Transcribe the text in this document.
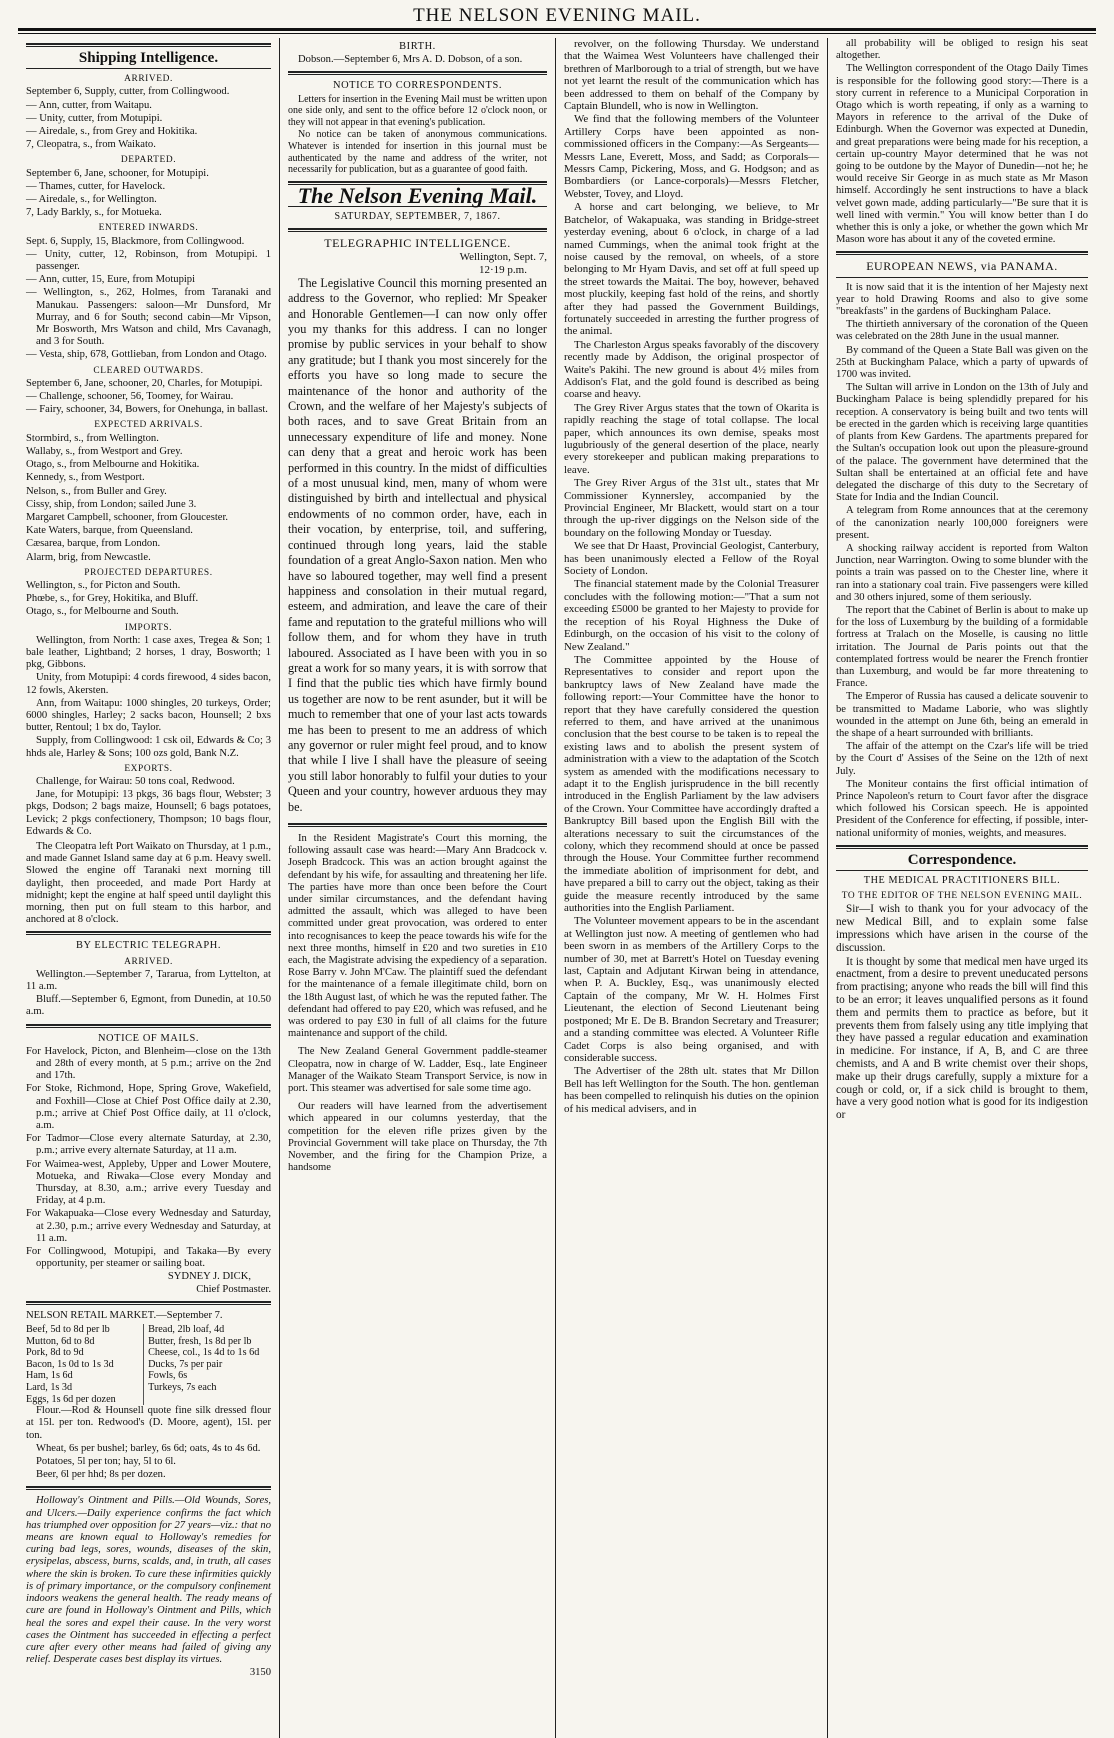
THE NELSON EVENING MAIL.
Shipping Intelligence.
ARRIVED.

September 6, Supply, cutter, from Collingwood.

— Ann, cutter, from Waitapu.

— Unity, cutter, from Motupipi.

— Airedale, s., from Grey and Hokitika.

7, Cleopatra, s., from Waikato.

DEPARTED.

September 6, Jane, schooner, for Motupipi.

— Thames, cutter, for Havelock.

— Airedale, s., for Wellington.

7, Lady Barkly, s., for Motueka.

ENTERED INWARDS.

Sept. 6, Supply, 15, Blackmore, from Collingwood.

— Unity, cutter, 12, Robinson, from Motupipi. 1 passenger.

— Ann, cutter, 15, Eure, from Motupipi

— Wellington, s., 262, Holmes, from Taranaki and Manukau. Passengers: saloon—Mr Dunsford, Mr Murray, and 6 for South; second cabin—Mr Vipson, Mr Bosworth, Mrs Watson and child, Mrs Cavanagh, and 3 for South.

— Vesta, ship, 678, Gottlieban, from London and Otago.

CLEARED OUTWARDS.

September 6, Jane, schooner, 20, Charles, for Motupipi.

— Challenge, schooner, 56, Toomey, for Wairau.

— Fairy, schooner, 34, Bowers, for Onehunga, in ballast.

EXPECTED ARRIVALS.

Stormbird, s., from Wellington.

Wallaby, s., from Westport and Grey.

Otago, s., from Melbourne and Hokitika.

Kennedy, s., from Westport.

Nelson, s., from Buller and Grey.

Cissy, ship, from London; sailed June 3.

Margaret Campbell, schooner, from Gloucester.

Kate Waters, barque, from Queensland.

Cæsarea, barque, from London.

Alarm, brig, from Newcastle.

PROJECTED DEPARTURES.

Wellington, s., for Picton and South.

Phœbe, s., for Grey, Hokitika, and Bluff.

Otago, s., for Melbourne and South.

IMPORTS.

Wellington, from North: 1 case axes, Tregea & Son; 1 bale leather, Lightband; 2 horses, 1 dray, Bosworth; 1 pkg, Gibbons.

Unity, from Motupipi: 4 cords firewood, 4 sides bacon, 12 fowls, Akersten.

Ann, from Waitapu: 1000 shingles, 20 turkeys, Order; 6000 shingles, Harley; 2 sacks bacon, Hounsell; 2 bxs butter, Rentoul; 1 bx do, Taylor.

Supply, from Collingwood: 1 csk oil, Edwards & Co; 3 hhds ale, Harley & Sons; 100 ozs gold, Bank N.Z.

EXPORTS.

Challenge, for Wairau: 50 tons coal, Redwood.

Jane, for Motupipi: 13 pkgs, 36 bags flour, Webster; 3 pkgs, Dodson; 2 bags maize, Hounsell; 6 bags potatoes, Levick; 2 pkgs confectionery, Thompson; 10 bags flour, Edwards & Co.

The Cleopatra left Port Waikato on Thursday, at 1 p.m., and made Gannet Island same day at 6 p.m. Heavy swell. Slowed the engine off Taranaki next morning till daylight, then proceeded, and made Port Hardy at midnight; kept the engine at half speed until daylight this morning, then put on full steam to this harbor, and anchored at 8 o'clock.

BY ELECTRIC TELEGRAPH.
ARRIVED.

Wellington.—September 7, Tararua, from Lyttelton, at 11 a.m.

Bluff.—September 6, Egmont, from Dunedin, at 10.50 a.m.

NOTICE OF MAILS.

For Havelock, Picton, and Blenheim—close on the 13th and 28th of every month, at 5 p.m.; arrive on the 2nd and 17th.

For Stoke, Richmond, Hope, Spring Grove, Wakefield, and Foxhill—Close at Chief Post Office daily at 2.30, p.m.; arrive at Chief Post Office daily, at 11 o'clock, a.m.

For Tadmor—Close every alternate Saturday, at 2.30, p.m.; arrive every alternate Saturday, at 11 a.m.

For Waimea-west, Appleby, Upper and Lower Moutere, Motueka, and Riwaka—Close every Monday and Thursday, at 8.30, a.m.; arrive every Tuesday and Friday, at 4 p.m.

For Wakapuaka—Close every Wednesday and Saturday, at 2.30, p.m.; arrive every Wednesday and Saturday, at 11 a.m.

For Collingwood, Motupipi, and Takaka—By every opportunity, per steamer or sailing boat.

SYDNEY J. DICK,

Chief Postmaster.

NELSON RETAIL MARKET.—September 7.
Beef, 5d to 8d per lb	Bread, 2lb loaf, 4d
Mutton, 6d to 8d	Butter, fresh, 1s 8d per lb
Pork, 8d to 9d	Cheese, col., 1s 4d to 1s 6d
Bacon, 1s 0d to 1s 3d	Ducks, 7s per pair
Ham, 1s 6d	Fowls, 6s
Lard, 1s 3d	Turkeys, 7s each
Eggs, 1s 6d per dozen	

Flour.—Rod & Hounsell quote fine silk dressed flour at 15l. per ton. Redwood's (D. Moore, agent), 15l. per ton.

Wheat, 6s per bushel; barley, 6s 6d; oats, 4s to 4s 6d.

Potatoes, 5l per ton; hay, 5l to 6l.

Beer, 6l per hhd; 8s per dozen.

Holloway's Ointment and Pills.—Old Wounds, Sores, and Ulcers.—Daily experience confirms the fact which has triumphed over opposition for 27 years—viz.: that no means are known equal to Holloway's remedies for curing bad legs, sores, wounds, diseases of the skin, erysipelas, abscess, burns, scalds, and, in truth, all cases where the skin is broken. To cure these infirmities quickly is of primary importance, or the compulsory confinement indoors weakens the general health. The ready means of cure are found in Holloway's Ointment and Pills, which heal the sores and expel their cause. In the very worst cases the Ointment has succeeded in effecting a perfect cure after every other means had failed of giving any relief. Desperate cases best display its virtues.

3150

BIRTH.

Dobson.—September 6, Mrs A. D. Dobson, of a son.

NOTICE TO CORRESPONDENTS.

Letters for insertion in the Evening Mail must be written upon one side only, and sent to the office before 12 o'clock noon, or they will not appear in that evening's publication.

No notice can be taken of anonymous communications. Whatever is intended for insertion in this journal must be authenticated by the name and address of the writer, not necessarily for publication, but as a guarantee of good faith.

The Nelson Evening Mail.
SATURDAY, SEPTEMBER, 7, 1867.
TELEGRAPHIC INTELLIGENCE.

Wellington, Sept. 7,

12·19 p.m.

The Legislative Council this morning presented an address to the Governor, who replied: Mr Speaker and Honorable Gentlemen—I can now only offer you my thanks for this address. I can no longer promise by public services in your behalf to show any gratitude; but I thank you most sincerely for the efforts you have so long made to secure the maintenance of the honor and authority of the Crown, and the welfare of her Majesty's subjects of both races, and to save Great Britain from an unnecessary expenditure of life and money. None can deny that a great and heroic work has been performed in this country. In the midst of difficulties of a most unusual kind, men, many of whom were distinguished by birth and intellectual and physical endowments of no common order, have, each in their vocation, by enterprise, toil, and suffering, continued through long years, laid the stable foundation of a great Anglo-Saxon nation. Men who have so laboured together, may well find a present happiness and consolation in their mutual regard, esteem, and admiration, and leave the care of their fame and reputation to the grateful millions who will follow them, and for whom they have in truth laboured. Associated as I have been with you in so great a work for so many years, it is with sorrow that I find that the public ties which have firmly bound us together are now to be rent asunder, but it will be much to remember that one of your last acts towards me has been to present to me an address of which any governor or ruler might feel proud, and to know that while I live I shall have the pleasure of seeing you still labor honorably to fulfil your duties to your Queen and your country, however arduous they may be.

In the Resident Magistrate's Court this morning, the following assault case was heard:—Mary Ann Bradcock v. Joseph Bradcock. This was an action brought against the defendant by his wife, for assaulting and threatening her life. The parties have more than once been before the Court under similar circumstances, and the defendant having admitted the assault, which was alleged to have been committed under great provocation, was ordered to enter into recognisances to keep the peace towards his wife for the next three months, himself in £20 and two sureties in £10 each, the Magistrate advising the expediency of a separation. Rose Barry v. John M'Caw. The plaintiff sued the defendant for the maintenance of a female illegitimate child, born on the 18th August last, of which he was the reputed father. The defendant had offered to pay £20, which was refused, and he was ordered to pay £30 in full of all claims for the future maintenance and support of the child.

The New Zealand General Government paddle-steamer Cleopatra, now in charge of W. Ladder, Esq., late Engineer Manager of the Waikato Steam Transport Service, is now in port. This steamer was advertised for sale some time ago.

Our readers will have learned from the advertisement which appeared in our columns yesterday, that the competition for the eleven rifle prizes given by the Provincial Government will take place on Thursday, the 7th November, and the firing for the Champion Prize, a handsome

revolver, on the following Thursday. We understand that the Waimea West Volunteers have challenged their brethren of Marlborough to a trial of strength, but we have not yet learnt the result of the communication which has been addressed to them on behalf of the Company by Captain Blundell, who is now in Wellington.

We find that the following members of the Volunteer Artillery Corps have been appointed as non-commissioned officers in the Company:—As Sergeants—Messrs Lane, Everett, Moss, and Sadd; as Corporals—Messrs Camp, Pickering, Moss, and G. Hodgson; and as Bombardiers (or Lance-corporals)—Messrs Fletcher, Webster, Tovey, and Lloyd.

A horse and cart belonging, we believe, to Mr Batchelor, of Wakapuaka, was standing in Bridge-street yesterday evening, about 6 o'clock, in charge of a lad named Cummings, when the animal took fright at the noise caused by the removal, on wheels, of a store belonging to Mr Hyam Davis, and set off at full speed up the street towards the Maitai. The boy, however, behaved most pluckily, keeping fast hold of the reins, and shortly after they had passed the Government Buildings, fortunately succeeded in arresting the further progress of the animal.

The Charleston Argus speaks favorably of the discovery recently made by Addison, the original prospector of Waite's Pakihi. The new ground is about 4½ miles from Addison's Flat, and the gold found is described as being coarse and heavy.

The Grey River Argus states that the town of Okarita is rapidly reaching the stage of total collapse. The local paper, which announces its own demise, speaks most lugubriously of the general desertion of the place, nearly every storekeeper and publican making preparations to leave.

The Grey River Argus of the 31st ult., states that Mr Commissioner Kynnersley, accompanied by the Provincial Engineer, Mr Blackett, would start on a tour through the up-river diggings on the Nelson side of the boundary on the following Monday or Tuesday.

We see that Dr Haast, Provincial Geologist, Canterbury, has been unanimously elected a Fellow of the Royal Society of London.

The financial statement made by the Colonial Treasurer concludes with the following motion:—"That a sum not exceeding £5000 be granted to her Majesty to provide for the reception of his Royal Highness the Duke of Edinburgh, on the occasion of his visit to the colony of New Zealand."

The Committee appointed by the House of Representatives to consider and report upon the bankruptcy laws of New Zealand have made the following report:—Your Committee have the honor to report that they have carefully considered the question referred to them, and have arrived at the unanimous conclusion that the best course to be taken is to repeal the existing laws and to abolish the present system of administration with a view to the adaptation of the Scotch system as amended with the modifications necessary to adapt it to the English jurisprudence in the bill recently introduced in the English Parliament by the law advisers of the Crown. Your Committee have accordingly drafted a Bankruptcy Bill based upon the English Bill with the alterations necessary to suit the circumstances of the colony, which they recommend should at once be passed through the House. Your Committee further recommend the immediate abolition of imprisonment for debt, and have prepared a bill to carry out the object, taking as their guide the measure recently introduced by the same authorities into the English Parliament.

The Volunteer movement appears to be in the ascendant at Wellington just now. A meeting of gentlemen who had been sworn in as members of the Artillery Corps to the number of 30, met at Barrett's Hotel on Tuesday evening last, Captain and Adjutant Kirwan being in attendance, when P. A. Buckley, Esq., was unanimously elected Captain of the company, Mr W. H. Holmes First Lieutenant, the election of Second Lieutenant being postponed; Mr E. De B. Brandon Secretary and Treasurer; and a standing committee was elected. A Volunteer Rifle Cadet Corps is also being organised, and with considerable success.

The Advertiser of the 28th ult. states that Mr Dillon Bell has left Wellington for the South. The hon. gentleman has been compelled to relinquish his duties on the opinion of his medical advisers, and in

all probability will be obliged to resign his seat altogether.

The Wellington correspondent of the Otago Daily Times is responsible for the following good story:—There is a story current in reference to a Municipal Corporation in Otago which is worth repeating, if only as a warning to Mayors in reference to the arrival of the Duke of Edinburgh. When the Governor was expected at Dunedin, and great preparations were being made for his reception, a certain up-country Mayor determined that he was not going to be outdone by the Mayor of Dunedin—not he; he would receive Sir George in as much state as Mr Mason himself. Accordingly he sent instructions to have a black velvet gown made, adding particularly—"Be sure that it is well lined with vermin." You will know better than I do whether this is only a joke, or whether the gown which Mr Mason wore has about it any of the coveted ermine.

EUROPEAN NEWS, via PANAMA.

It is now said that it is the intention of her Majesty next year to hold Drawing Rooms and also to give some "breakfasts" in the gardens of Buckingham Palace.

The thirtieth anniversary of the coronation of the Queen was celebrated on the 28th June in the usual manner.

By command of the Queen a State Ball was given on the 25th at Buckingham Palace, which a party of upwards of 1700 was invited.

The Sultan will arrive in London on the 13th of July and Buckingham Palace is being splendidly prepared for his reception. A conservatory is being built and two tents will be erected in the garden which is receiving large quantities of plants from Kew Gardens. The apartments prepared for the Sultan's occupation look out upon the pleasure-ground of the palace. The government have determined that the Sultan shall be entertained at an official fete and have delegated the discharge of this duty to the Secretary of State for India and the Indian Council.

A telegram from Rome announces that at the ceremony of the canonization nearly 100,000 foreigners were present.

A shocking railway accident is reported from Walton Junction, near Warrington. Owing to some blunder with the points a train was passed on to the Chester line, where it ran into a stationary coal train. Five passengers were killed and 30 others injured, some of them seriously.

The report that the Cabinet of Berlin is about to make up for the loss of Luxemburg by the building of a formidable fortress at Tralach on the Moselle, is causing no little irritation. The Journal de Paris points out that the contemplated fortress would be nearer the French frontier than Luxemburg, and would be far more threatening to France.

The Emperor of Russia has caused a delicate souvenir to be transmitted to Madame Laborie, who was slightly wounded in the attempt on June 6th, being an emerald in the shape of a heart surrounded with brilliants.

The affair of the attempt on the Czar's life will be tried by the Court d' Assises of the Seine on the 12th of next July.

The Moniteur contains the first official intimation of Prince Napoleon's return to Court favor after the disgrace which followed his Corsican speech. He is appointed President of the Conference for effecting, if possible, inter-national uniformity of monies, weights, and measures.

Correspondence.
THE MEDICAL PRACTITIONERS BILL.
TO THE EDITOR OF THE NELSON EVENING MAIL.

Sir—I wish to thank you for your advocacy of the new Medical Bill, and to explain some false impressions which have arisen in the course of the discussion.

It is thought by some that medical men have urged its enactment, from a desire to prevent uneducated persons from practising; anyone who reads the bill will find this to be an error; it leaves unqualified persons as it found them and permits them to practice as before, but it prevents them from falsely using any title implying that they have passed a regular education and examination in medicine. For instance, if A, B, and C are three chemists, and A and B write chemist over their shops, make up their drugs carefully, supply a mixture for a cough or cold, or, if a sick child is brought to them, have a very good notion what is good for its indigestion or
